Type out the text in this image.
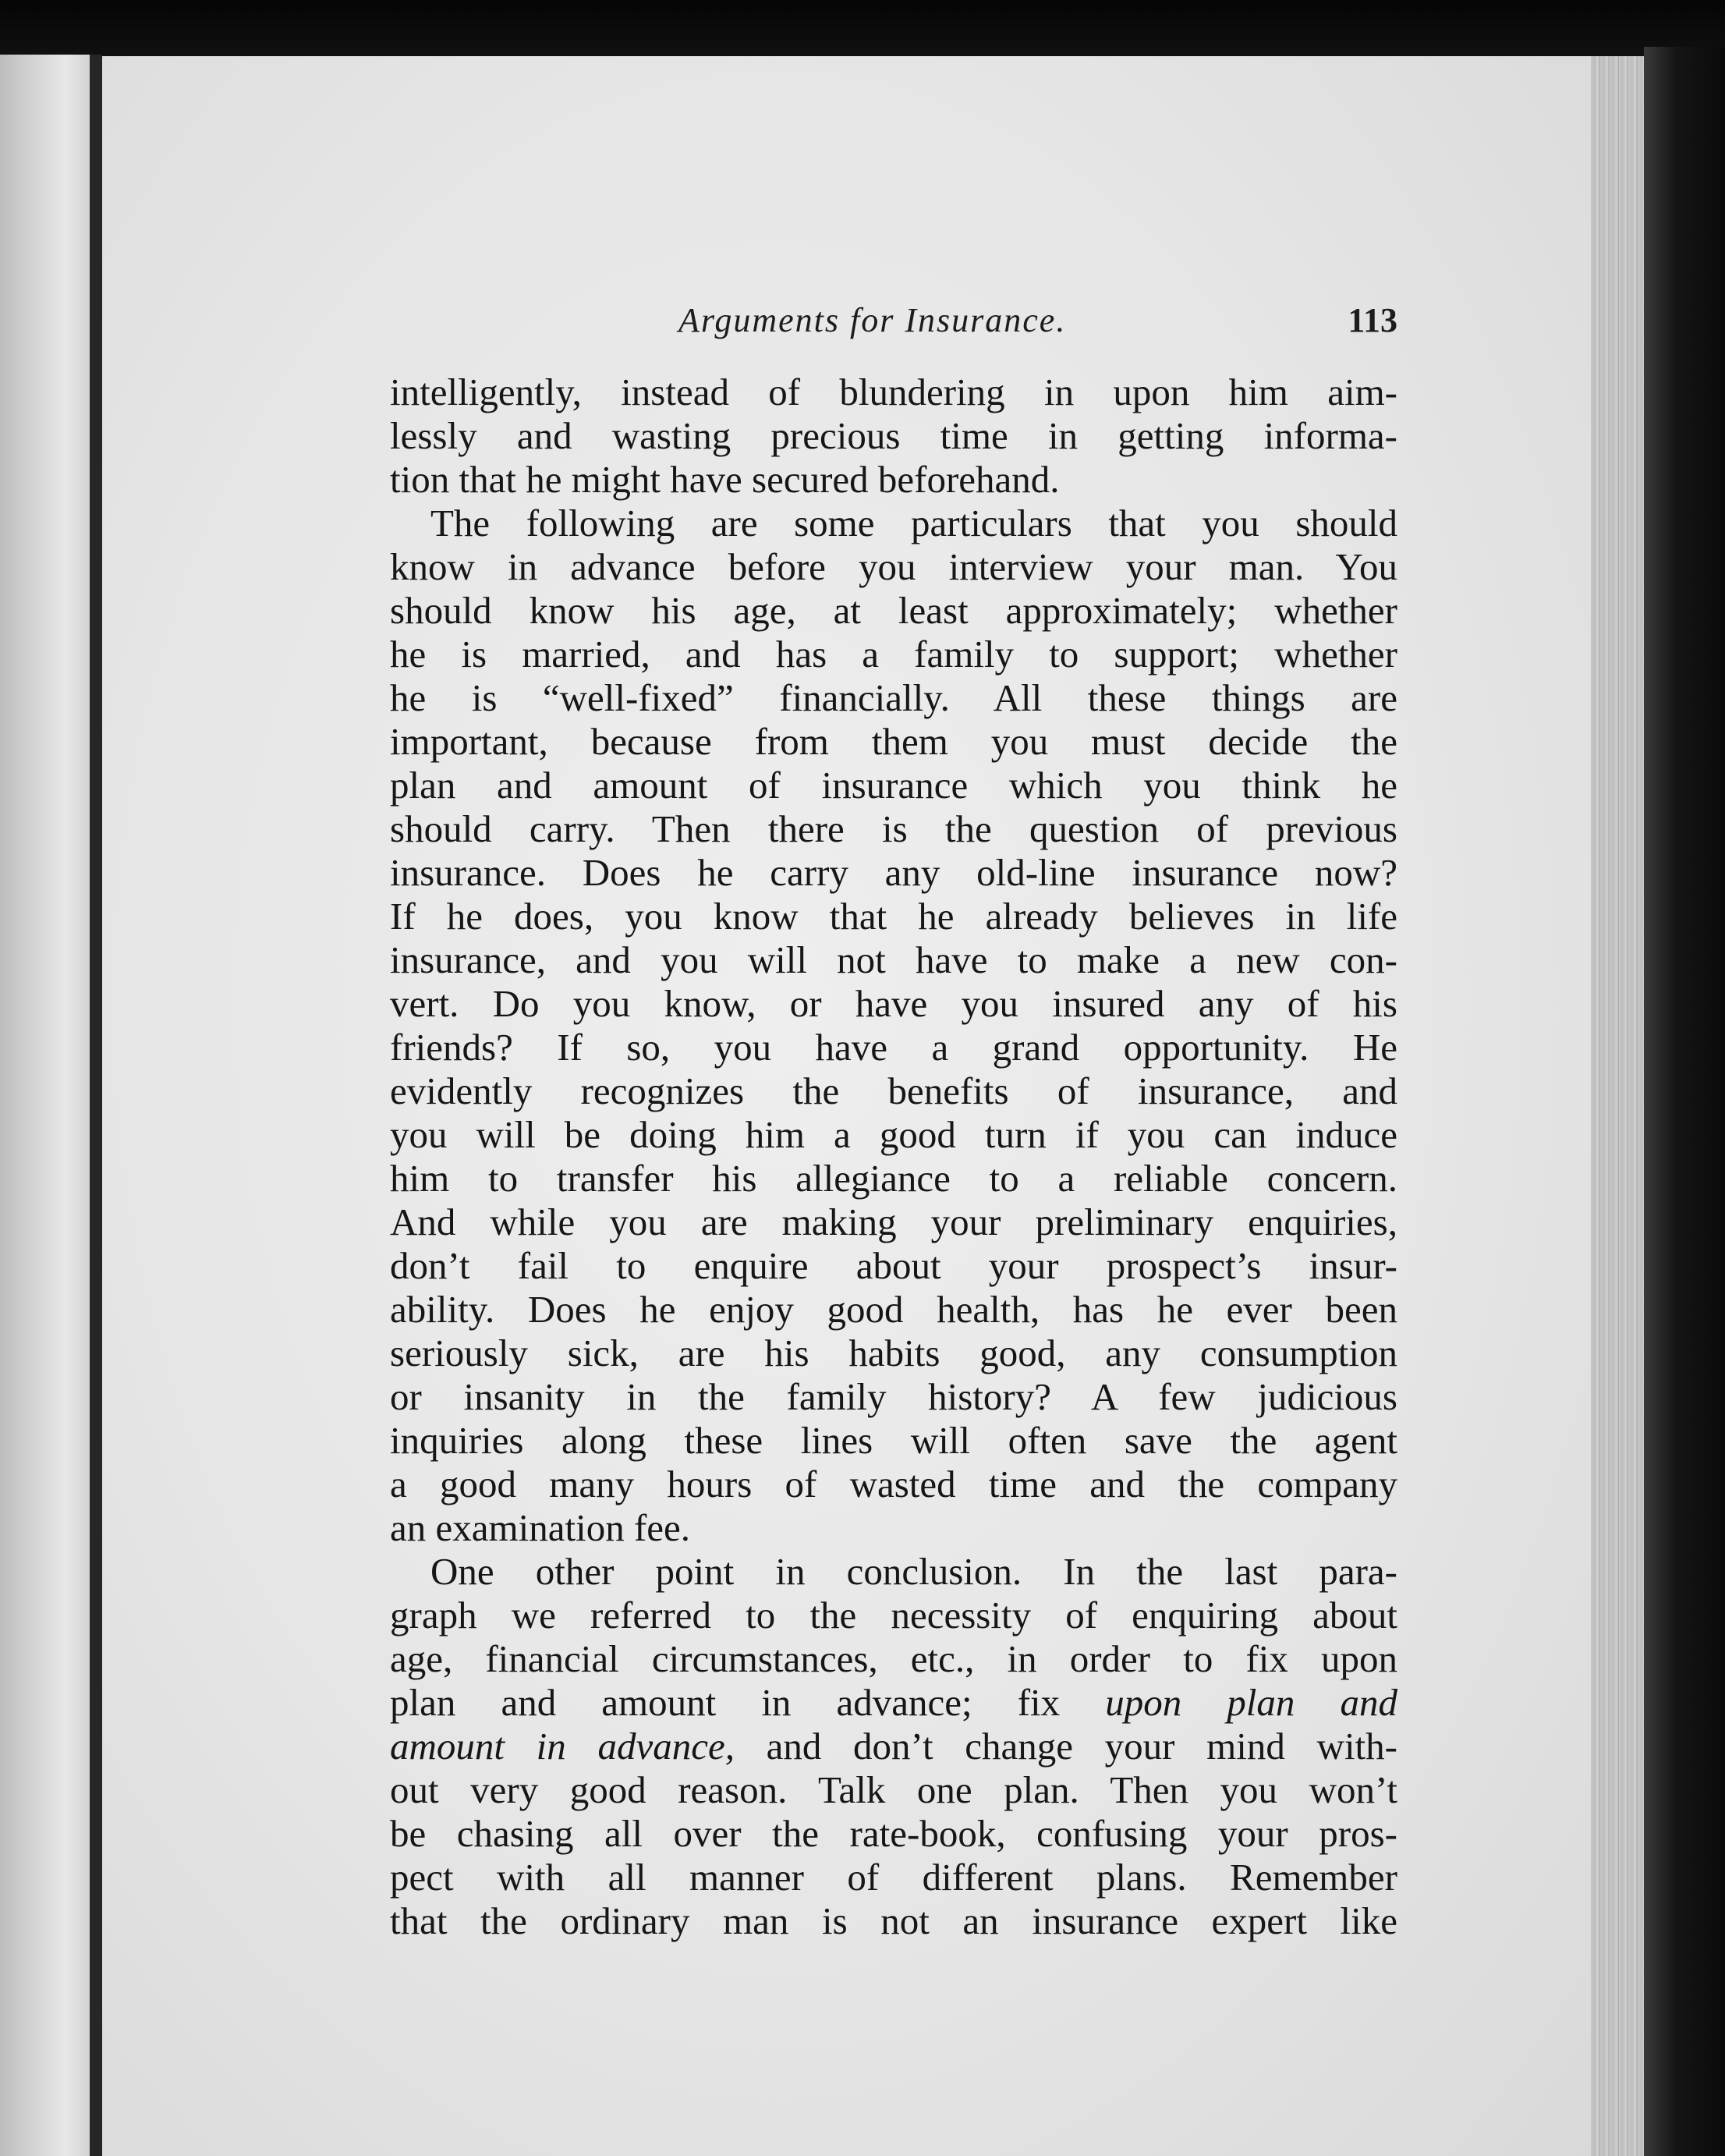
Arguments for Insurance.	113
intelligently, instead of blundering in upon him aim-
lessly and wasting precious time in getting informa-
tion that he might have secured beforehand.
The following are some particulars that you should
know in advance before you interview your man. You
should know his age, at least approximately; whether
he is married, and has a family to support; whether
he is “well-fixed” financially. All these things are
important, because from them you must decide the
plan and amount of insurance which you think he
should carry. Then there is the question of previous
insurance. Does he carry any old-line insurance now?
If he does, you know that he already believes in life
insurance, and you will not have to make a new con-
vert. Do you know, or have you insured any of his
friends? If so, you have a grand opportunity. He
evidently recognizes the benefits of insurance, and
you will be doing him a good turn if you can induce
him to transfer his allegiance to a reliable concern.
And while you are making your preliminary enquiries,
don’t fail to enquire about your prospect’s insur-
ability. Does he enjoy good health, has he ever been
seriously sick, are his habits good, any consumption
or insanity in the family history? A few judicious
inquiries along these lines will often save the agent
a good many hours of wasted time and the company
an examination fee.
One other point in conclusion. In the last para-
graph we referred to the necessity of enquiring about
age, financial circumstances, etc., in order to fix upon
plan and amount in advance; fix upon plan and
amount in advance, and don’t change your mind with-
out very good reason. Talk one plan. Then you won’t
be chasing all over the rate-book, confusing your pros-
pect with all manner of different plans. Remember
that the ordinary man is not an insurance expert like
